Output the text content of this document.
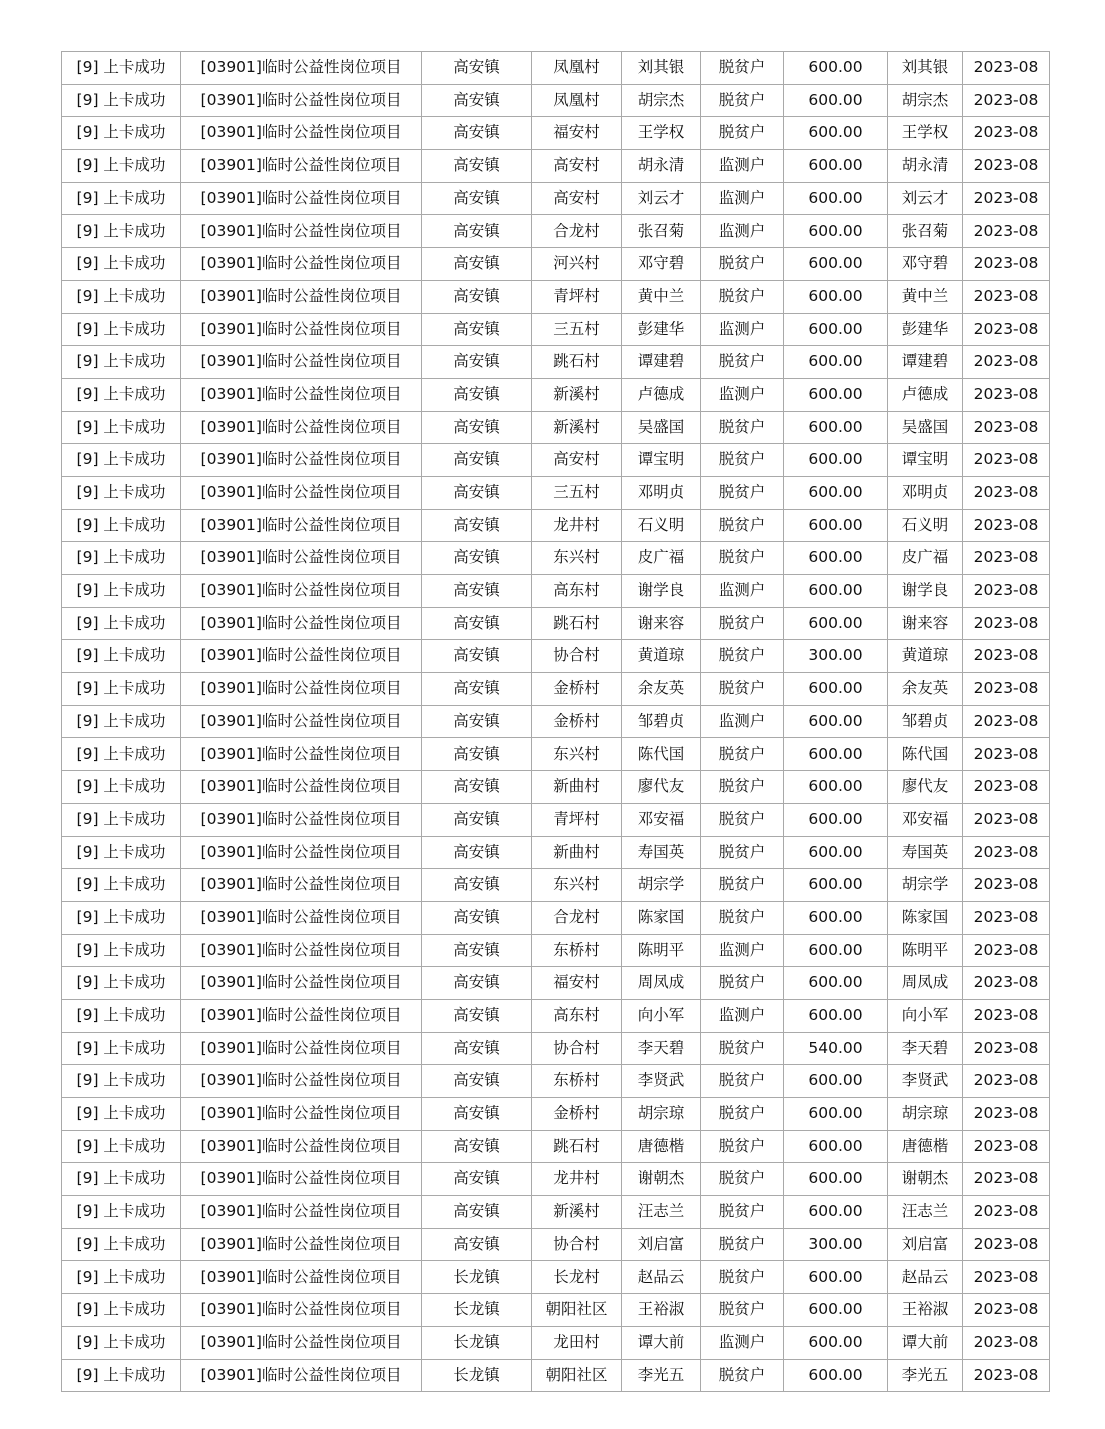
[9] 上卡成功	[03901]临时公益性岗位项目	高安镇	凤凰村	刘其银	脱贫户	600.00	刘其银	2023-08
[9] 上卡成功	[03901]临时公益性岗位项目	高安镇	凤凰村	胡宗杰	脱贫户	600.00	胡宗杰	2023-08
[9] 上卡成功	[03901]临时公益性岗位项目	高安镇	福安村	王学权	脱贫户	600.00	王学权	2023-08
[9] 上卡成功	[03901]临时公益性岗位项目	高安镇	高安村	胡永清	监测户	600.00	胡永清	2023-08
[9] 上卡成功	[03901]临时公益性岗位项目	高安镇	高安村	刘云才	监测户	600.00	刘云才	2023-08
[9] 上卡成功	[03901]临时公益性岗位项目	高安镇	合龙村	张召菊	监测户	600.00	张召菊	2023-08
[9] 上卡成功	[03901]临时公益性岗位项目	高安镇	河兴村	邓守碧	脱贫户	600.00	邓守碧	2023-08
[9] 上卡成功	[03901]临时公益性岗位项目	高安镇	青坪村	黄中兰	脱贫户	600.00	黄中兰	2023-08
[9] 上卡成功	[03901]临时公益性岗位项目	高安镇	三五村	彭建华	监测户	600.00	彭建华	2023-08
[9] 上卡成功	[03901]临时公益性岗位项目	高安镇	跳石村	谭建碧	脱贫户	600.00	谭建碧	2023-08
[9] 上卡成功	[03901]临时公益性岗位项目	高安镇	新溪村	卢德成	监测户	600.00	卢德成	2023-08
[9] 上卡成功	[03901]临时公益性岗位项目	高安镇	新溪村	吴盛国	脱贫户	600.00	吴盛国	2023-08
[9] 上卡成功	[03901]临时公益性岗位项目	高安镇	高安村	谭宝明	脱贫户	600.00	谭宝明	2023-08
[9] 上卡成功	[03901]临时公益性岗位项目	高安镇	三五村	邓明贞	脱贫户	600.00	邓明贞	2023-08
[9] 上卡成功	[03901]临时公益性岗位项目	高安镇	龙井村	石义明	脱贫户	600.00	石义明	2023-08
[9] 上卡成功	[03901]临时公益性岗位项目	高安镇	东兴村	皮广福	脱贫户	600.00	皮广福	2023-08
[9] 上卡成功	[03901]临时公益性岗位项目	高安镇	高东村	谢学良	监测户	600.00	谢学良	2023-08
[9] 上卡成功	[03901]临时公益性岗位项目	高安镇	跳石村	谢来容	脱贫户	600.00	谢来容	2023-08
[9] 上卡成功	[03901]临时公益性岗位项目	高安镇	协合村	黄道琼	脱贫户	300.00	黄道琼	2023-08
[9] 上卡成功	[03901]临时公益性岗位项目	高安镇	金桥村	余友英	脱贫户	600.00	余友英	2023-08
[9] 上卡成功	[03901]临时公益性岗位项目	高安镇	金桥村	邹碧贞	监测户	600.00	邹碧贞	2023-08
[9] 上卡成功	[03901]临时公益性岗位项目	高安镇	东兴村	陈代国	脱贫户	600.00	陈代国	2023-08
[9] 上卡成功	[03901]临时公益性岗位项目	高安镇	新曲村	廖代友	脱贫户	600.00	廖代友	2023-08
[9] 上卡成功	[03901]临时公益性岗位项目	高安镇	青坪村	邓安福	脱贫户	600.00	邓安福	2023-08
[9] 上卡成功	[03901]临时公益性岗位项目	高安镇	新曲村	寿国英	脱贫户	600.00	寿国英	2023-08
[9] 上卡成功	[03901]临时公益性岗位项目	高安镇	东兴村	胡宗学	脱贫户	600.00	胡宗学	2023-08
[9] 上卡成功	[03901]临时公益性岗位项目	高安镇	合龙村	陈家国	脱贫户	600.00	陈家国	2023-08
[9] 上卡成功	[03901]临时公益性岗位项目	高安镇	东桥村	陈明平	监测户	600.00	陈明平	2023-08
[9] 上卡成功	[03901]临时公益性岗位项目	高安镇	福安村	周凤成	脱贫户	600.00	周凤成	2023-08
[9] 上卡成功	[03901]临时公益性岗位项目	高安镇	高东村	向小军	监测户	600.00	向小军	2023-08
[9] 上卡成功	[03901]临时公益性岗位项目	高安镇	协合村	李天碧	脱贫户	540.00	李天碧	2023-08
[9] 上卡成功	[03901]临时公益性岗位项目	高安镇	东桥村	李贤武	脱贫户	600.00	李贤武	2023-08
[9] 上卡成功	[03901]临时公益性岗位项目	高安镇	金桥村	胡宗琼	脱贫户	600.00	胡宗琼	2023-08
[9] 上卡成功	[03901]临时公益性岗位项目	高安镇	跳石村	唐德楷	脱贫户	600.00	唐德楷	2023-08
[9] 上卡成功	[03901]临时公益性岗位项目	高安镇	龙井村	谢朝杰	脱贫户	600.00	谢朝杰	2023-08
[9] 上卡成功	[03901]临时公益性岗位项目	高安镇	新溪村	汪志兰	脱贫户	600.00	汪志兰	2023-08
[9] 上卡成功	[03901]临时公益性岗位项目	高安镇	协合村	刘启富	脱贫户	300.00	刘启富	2023-08
[9] 上卡成功	[03901]临时公益性岗位项目	长龙镇	长龙村	赵品云	脱贫户	600.00	赵品云	2023-08
[9] 上卡成功	[03901]临时公益性岗位项目	长龙镇	朝阳社区	王裕淑	脱贫户	600.00	王裕淑	2023-08
[9] 上卡成功	[03901]临时公益性岗位项目	长龙镇	龙田村	谭大前	监测户	600.00	谭大前	2023-08
[9] 上卡成功	[03901]临时公益性岗位项目	长龙镇	朝阳社区	李光五	脱贫户	600.00	李光五	2023-08
